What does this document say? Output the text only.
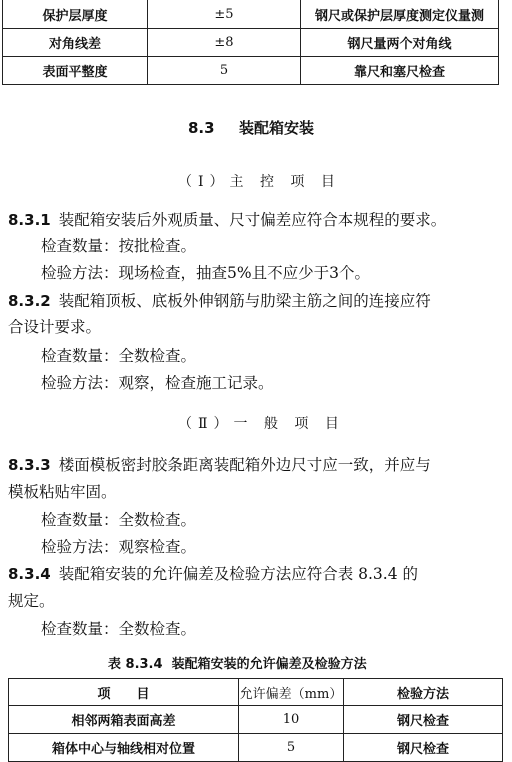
保护层厚度	±5	钢尺或保护层厚度测定仪量测
对角线差	±8	钢尺量两个对角线
表面平整度	5	靠尺和塞尺检查
8.3 装配箱安装
（Ⅰ）主 控 项 目
8.3.1 装配箱安装后外观质量、尺寸偏差应符合本规程的要求。
检查数量：按批检查。
检验方法：现场检查，抽查5%且不应少于3个。
8.3.2 装配箱顶板、底板外伸钢筋与肋梁主筋之间的连接应符
合设计要求。
检查数量：全数检查。
检验方法：观察，检查施工记录。
（Ⅱ）一 般 项 目
8.3.3 楼面模板密封胶条距离装配箱外边尺寸应一致，并应与
模板粘贴牢固。
检查数量：全数检查。
检验方法：观察检查。
8.3.4 装配箱安装的允许偏差及检验方法应符合表 8.3.4 的
规定。
检查数量：全数检查。
表 8.3.4  装配箱安装的允许偏差及检验方法
项　　目	允许偏差（mm）	检验方法
相邻两箱表面高差	10	钢尺检查
箱体中心与轴线相对位置	5	钢尺检查
